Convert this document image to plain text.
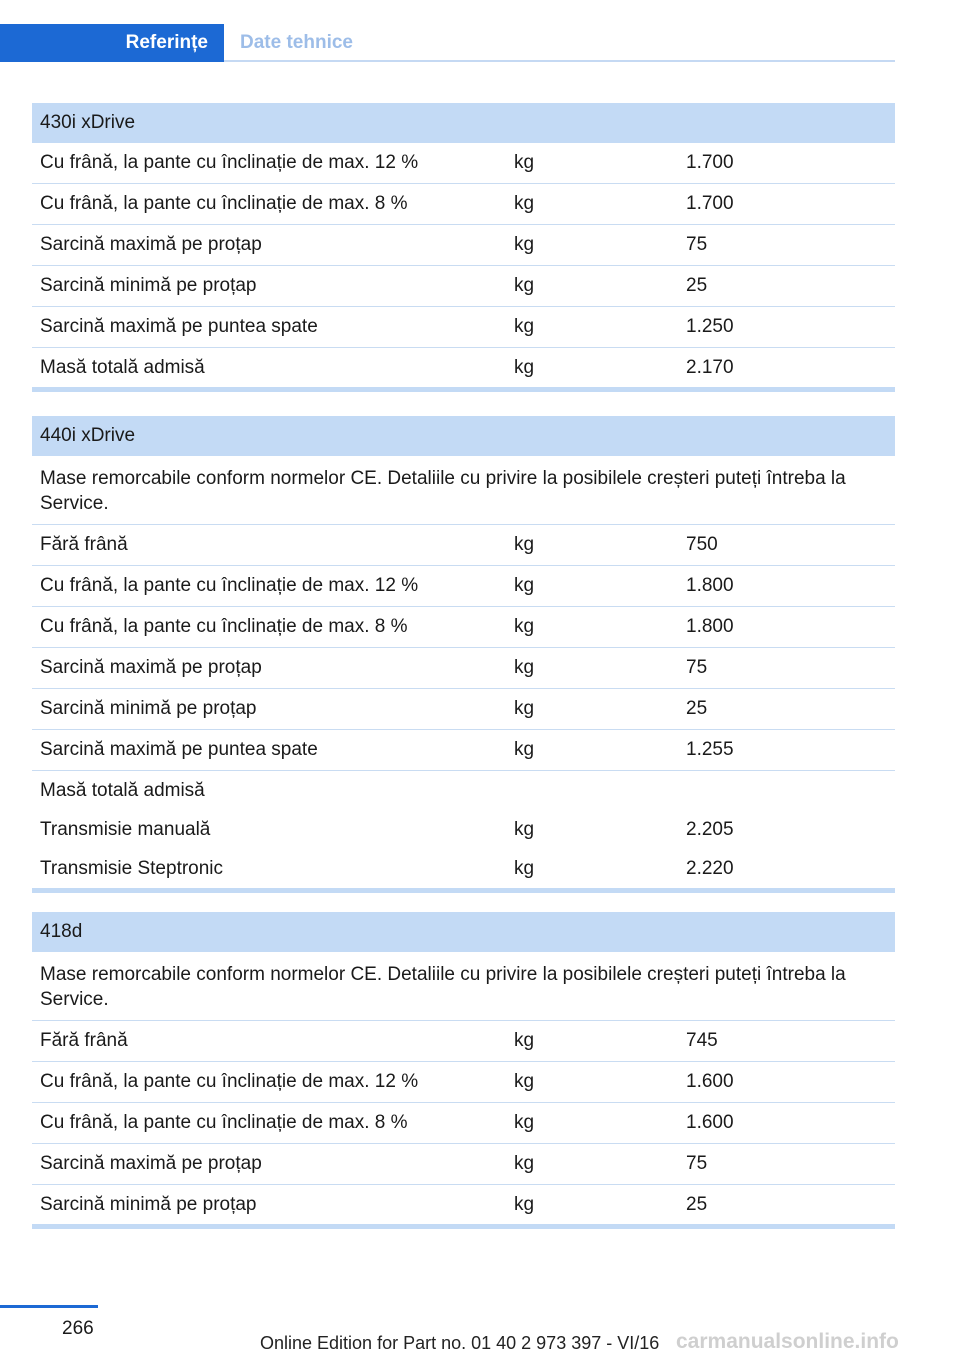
Referințe	Date tehnice
430i xDrive
Cu frână, la pante cu înclinație de max. 12 %	kg	1.700
Cu frână, la pante cu înclinație de max. 8 %	kg	1.700
Sarcină maximă pe proțap	kg	75
Sarcină minimă pe proțap	kg	25
Sarcină maximă pe puntea spate	kg	1.250
Masă totală admisă	kg	2.170
440i xDrive
Mase remorcabile conform normelor CE. Detaliile cu privire la posibilele creșteri puteți întreba la Service.
Fără frână	kg	750
Cu frână, la pante cu înclinație de max. 12 %	kg	1.800
Cu frână, la pante cu înclinație de max. 8 %	kg	1.800
Sarcină maximă pe proțap	kg	75
Sarcină minimă pe proțap	kg	25
Sarcină maximă pe puntea spate	kg	1.255
Masă totală admisă
Transmisie manuală	kg	2.205
Transmisie Steptronic	kg	2.220
418d
Mase remorcabile conform normelor CE. Detaliile cu privire la posibilele creșteri puteți întreba la Service.
Fără frână	kg	745
Cu frână, la pante cu înclinație de max. 12 %	kg	1.600
Cu frână, la pante cu înclinație de max. 8 %	kg	1.600
Sarcină maximă pe proțap	kg	75
Sarcină minimă pe proțap	kg	25
266
Online Edition for Part no. 01 40 2 973 397 - VI/16 carmanualsonline.info
